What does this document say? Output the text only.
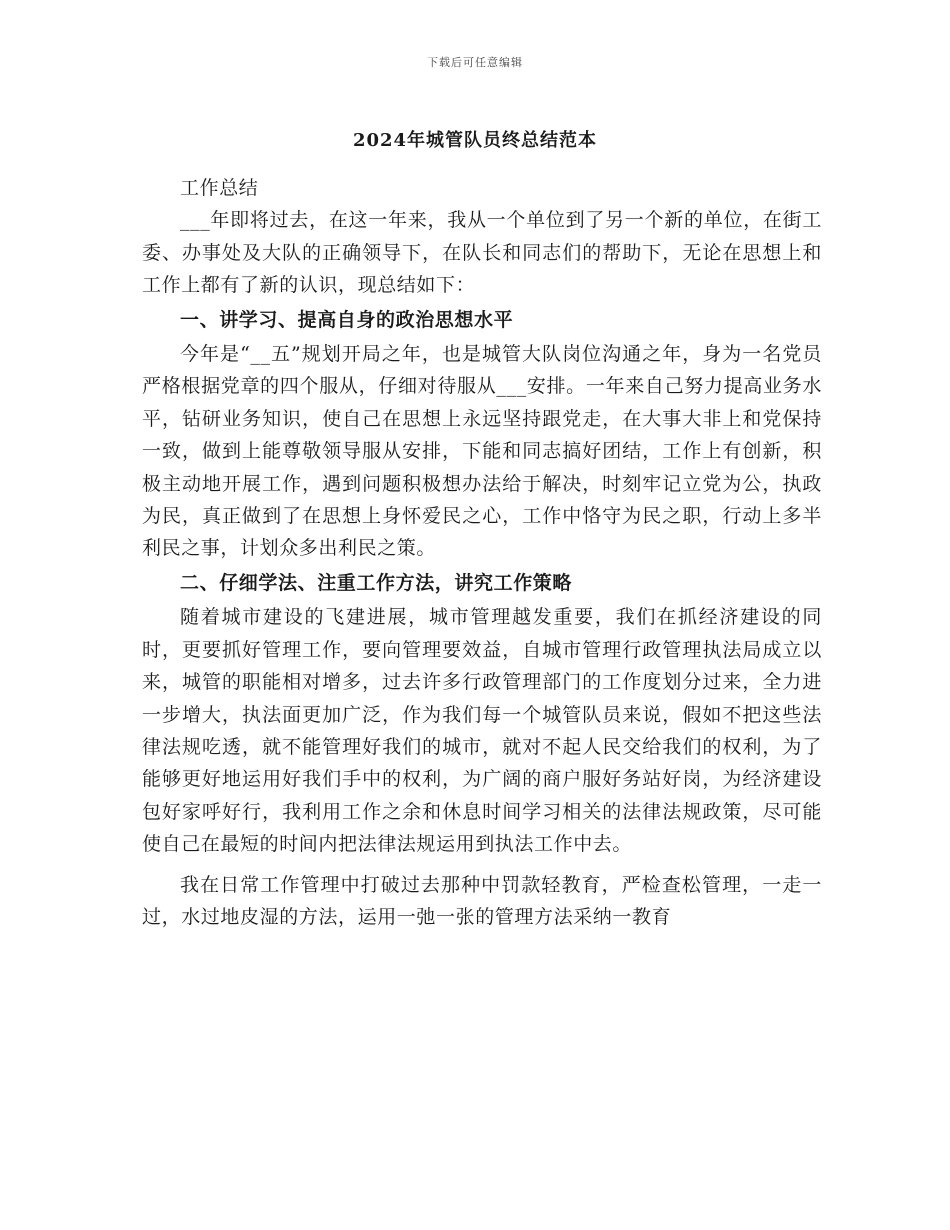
下载后可任意编辑
2024年城管队员终总结范本

工作总结

___年即将过去，在这一年来，我从一个单位到了另一个新的单位，在街工委、办事处及大队的正确领导下，在队长和同志们的帮助下，无论在思想上和工作上都有了新的认识，现总结如下：

一、讲学习、提高自身的政治思想水平

今年是“__五”规划开局之年，也是城管大队岗位沟通之年，身为一名党员严格根据党章的四个服从，仔细对待服从___安排。一年来自己努力提高业务水平，钻研业务知识，使自己在思想上永远坚持跟党走，在大事大非上和党保持一致，做到上能尊敬领导服从安排，下能和同志搞好团结，工作上有创新，积极主动地开展工作，遇到问题积极想办法给于解决，时刻牢记立党为公，执政为民，真正做到了在思想上身怀爱民之心，工作中恪守为民之职，行动上多半利民之事，计划众多出利民之策。

二、仔细学法、注重工作方法，讲究工作策略

随着城市建设的飞建进展，城市管理越发重要，我们在抓经济建设的同时，更要抓好管理工作，要向管理要效益，自城市管理行政管理执法局成立以来，城管的职能相对增多，过去许多行政管理部门的工作度划分过来，全力进一步增大，执法面更加广泛，作为我们每一个城管队员来说，假如不把这些法律法规吃透，就不能管理好我们的城市，就对不起人民交给我们的权利，为了能够更好地运用好我们手中的权利，为广阔的商户服好务站好岗，为经济建设包好家呼好行，我利用工作之余和休息时间学习相关的法律法规政策，尽可能使自己在最短的时间内把法律法规运用到执法工作中去。

我在日常工作管理中打破过去那种中罚款轻教育，严检查松管理，一走一过，水过地皮湿的方法，运用一弛一张的管理方法采纳一教育
